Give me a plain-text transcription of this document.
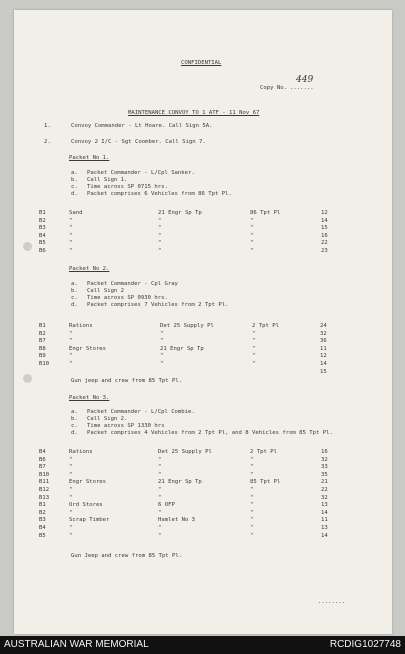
CONFIDENTIAL
Copy No. .......
449
MAINTENANCE CONVOY TO 1 ATF - 11 Nov 67
1.	Convoy Commander - Lt Hoare. Call Sign 5A.
2.	Convoy 2 I/C - Sgt Coomber. Call Sign 7.
Packet No 1.
a. Packet Commander - L/Cpl Sanker.
b. Call Sign 1.
c. Time across SP 0715 hrs.
d. Packet comprises 6 Vehicles from 86 Tpt Pl.
B1	Sand	21 Engr Sp Tp	86 Tpt Pl	12
B2	"	"	"	14
B3	"	"	"	15
B4	"	"	"	16
B5	"	"	"	22
B6	"	"	"	23
Packet No 2.
a. Packet Commander - Cpl Gray
b. Call Sign 2
c. Time across SP 0930 hrs.
d. Packet comprises 7 Vehicles from 2 Tpt Pl.
B1	Rations	Det 25 Supply Pl	2 Tpt Pl	24
B2	"	"	"	32
B7	"	"	"	36
B8	Engr Stores	21 Engr Sp Tp	"	11
B9	"	"	"	12
B10	"	"	"	14
15
Gun jeep and crew from 85 Tpt Pl.
Packet No 3.
a. Packet Commander - L/Cpl Combie.
b. Call Sign 2.
c. Time across SP 1330 hrs
d. Packet comprises 4 Vehicles from 2 Tpt Pl, and 8 Vehicles from 85 Tpt Pl.
B4	Rations	Det 25 Supply Pl	2 Tpt Pl	16
B6	"	"	"	32
B7	"	"	"	33
B10	"	"	"	35
B11	Engr Stores	21 Engr Sp Tp	85 Tpt Pl	21
B12	"	"	"	22
B13	"	"	"	32
B1	Ord Stores	6 OFP	"	13
B2	"	"	"	14
B3	Scrap Timber	Hamlet No 3	"	11
B4	"	"	"	13
B5	"	"	"	14
Gun Jeep and crew from 85 Tpt Pl.
........
AUSTRALIAN WAR MEMORIAL	RCDIG1027748
